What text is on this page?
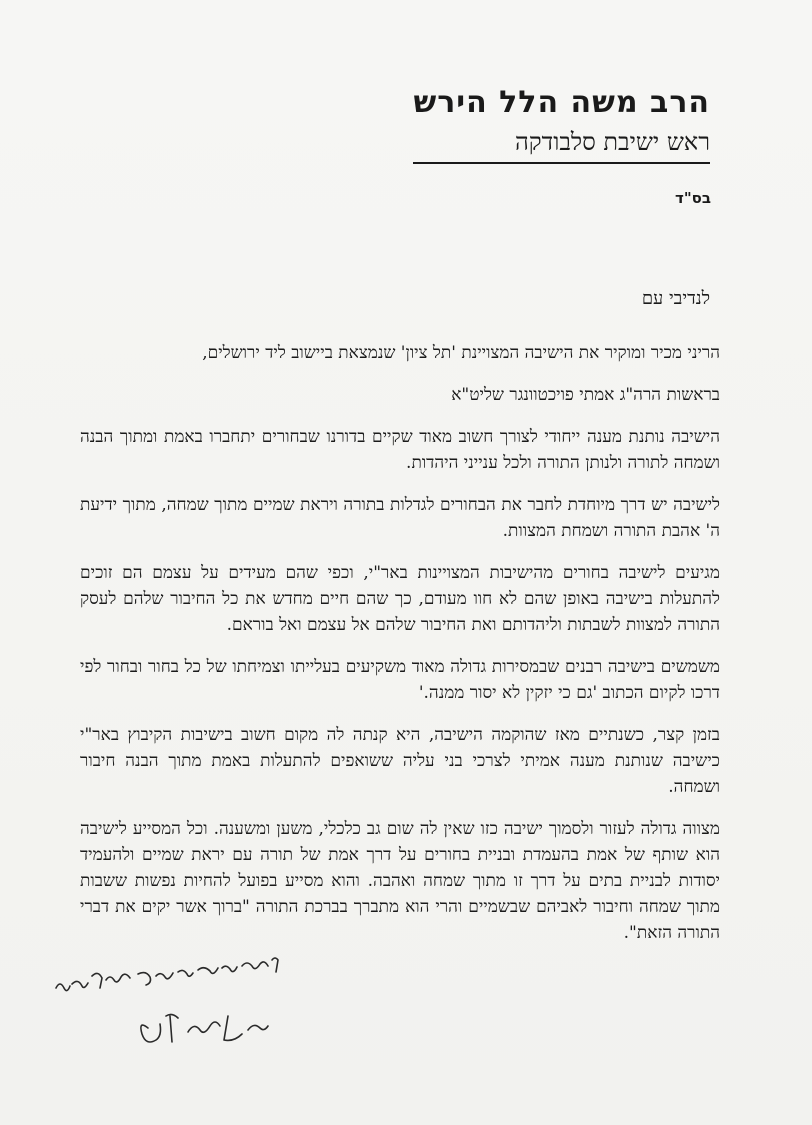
הרב משה הלל הירש
ראש ישיבת סלבודקה
בס"ד
לנדיבי עם

הריני מכיר ומוקיר את הישיבה המצויינת 'תל ציון' שנמצאת ביישוב ליד ירושלים,

בראשות הרה"ג אמתי פויכטוונגר שליט"א

הישיבה נותנת מענה ייחודי לצורך חשוב מאוד שקיים בדורנו שבחורים יתחברו באמת ומתוך הבנה ושמחה לתורה ולנותן התורה ולכל ענייני היהדות.

לישיבה יש דרך מיוחדת לחבר את הבחורים לגדלות בתורה ויראת שמיים מתוך שמחה, מתוך ידיעת ה' אהבת התורה ושמחת המצוות.

מגיעים לישיבה בחורים מהישיבות המצויינות באר"י, וכפי שהם מעידים על עצמם הם זוכים להתעלות בישיבה באופן שהם לא חוו מעודם, כך שהם חיים מחדש את כל החיבור שלהם לעסק התורה למצוות לשבתות וליהדותם ואת החיבור שלהם אל עצמם ואל בוראם.

משמשים בישיבה רבנים שבמסירות גדולה מאוד משקיעים בעלייתו וצמיחתו של כל בחור ובחור לפי דרכו לקיום הכתוב 'גם כי יזקין לא יסור ממנה.'

בזמן קצר, כשנתיים מאז שהוקמה הישיבה, היא קנתה לה מקום חשוב בישיבות הקיבוץ באר"י כישיבה שנותנת מענה אמיתי לצרכי בני עליה ששואפים להתעלות באמת מתוך הבנה חיבור ושמחה.

מצווה גדולה לעזור ולסמוך ישיבה כזו שאין לה שום גב כלכלי, משען ומשענה. וכל המסייע לישיבה הוא שותף של אמת בהעמדת ובניית בחורים על דרך אמת של תורה עם יראת שמיים ולהעמיד יסודות לבניית בתים על דרך זו מתוך שמחה ואהבה. והוא מסייע בפועל להחיות נפשות ששבות מתוך שמחה וחיבור לאביהם שבשמיים והרי הוא מתברך בברכת התורה "ברוך אשר יקים את דברי התורה הזאת".
